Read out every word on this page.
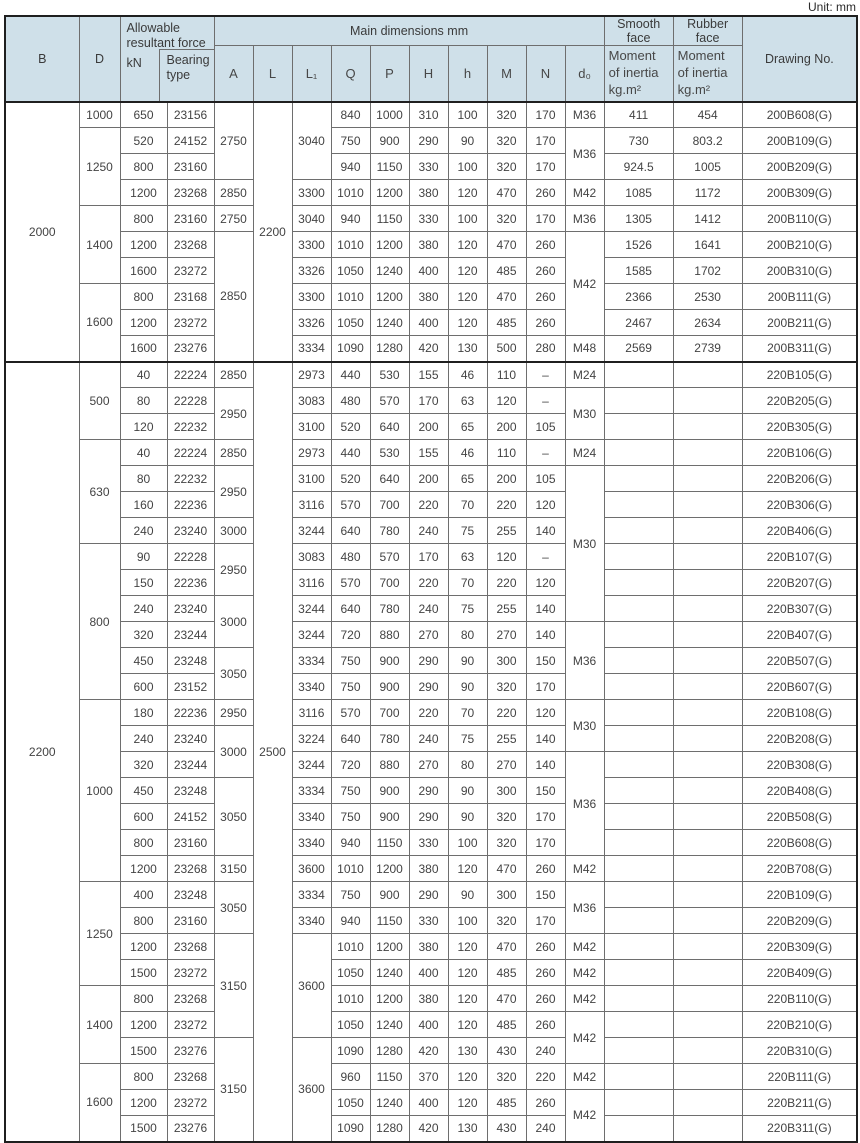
Unit: mm
B	D	Allowable resultant force
kN Bearing type		Main dimensions mm										Smooth face	Rubber face	Drawing No.
				A	L	L₁	Q	P	H	h	M	N	d₀	Moment of inertia kg.m²	Moment of inertia kg.m²	
2000	1000	650	23156	2750	2200	3040	840	1000	310	100	320	170	M36	411	454	200B608(G)
	1250	520	24152				750	900	290	90	320	170	M36	730	803.2	200B109(G)
		800	23160				940	1150	330	100	320	170		924.5	1005	200B209(G)
		1200	23268	2850		3300	1010	1200	380	120	470	260	M42	1085	1172	200B309(G)
	1400	800	23160	2750		3040	940	1150	330	100	320	170	M36	1305	1412	200B110(G)
		1200	23268	2850		3300	1010	1200	380	120	470	260	M42	1526	1641	200B210(G)
		1600	23272			3326	1050	1240	400	120	485	260		1585	1702	200B310(G)
	1600	800	23168			3300	1010	1200	380	120	470	260		2366	2530	200B111(G)
		1200	23272			3326	1050	1240	400	120	485	260		2467	2634	200B211(G)
		1600	23276			3334	1090	1280	420	130	500	280	M48	2569	2739	200B311(G)
2200	500	40	22224	2850	2500	2973	440	530	155	46	110	–	M24			220B105(G)
		80	22228	2950		3083	480	570	170	63	120	–	M30			220B205(G)
		120	22232			3100	520	640	200	65	200	105				220B305(G)
	630	40	22224	2850		2973	440	530	155	46	110	–	M24			220B106(G)
		80	22232	2950		3100	520	640	200	65	200	105	M30			220B206(G)
		160	22236			3116	570	700	220	70	220	120				220B306(G)
		240	23240	3000		3244	640	780	240	75	255	140				220B406(G)
	800	90	22228	2950		3083	480	570	170	63	120	–				220B107(G)
		150	22236			3116	570	700	220	70	220	120				220B207(G)
		240	23240	3000		3244	640	780	240	75	255	140				220B307(G)
		320	23244			3244	720	880	270	80	270	140	M36			220B407(G)
		450	23248	3050		3334	750	900	290	90	300	150				220B507(G)
		600	23152			3340	750	900	290	90	320	170				220B607(G)
	1000	180	22236	2950		3116	570	700	220	70	220	120	M30			220B108(G)
		240	23240	3000		3224	640	780	240	75	255	140				220B208(G)
		320	23244			3244	720	880	270	80	270	140	M36			220B308(G)
		450	23248	3050		3334	750	900	290	90	300	150				220B408(G)
		600	24152			3340	750	900	290	90	320	170				220B508(G)
		800	23160			3340	940	1150	330	100	320	170				220B608(G)
		1200	23268	3150		3600	1010	1200	380	120	470	260	M42			220B708(G)
	1250	400	23248	3050		3334	750	900	290	90	300	150	M36			220B109(G)
		800	23160			3340	940	1150	330	100	320	170				220B209(G)
		1200	23268	3150		3600	1010	1200	380	120	470	260	M42			220B309(G)
		1500	23272				1050	1240	400	120	485	260	M42			220B409(G)
	1400	800	23268				1010	1200	380	120	470	260	M42			220B110(G)
		1200	23272				1050	1240	400	120	485	260	M42			220B210(G)
		1500	23276	3150		3600	1090	1280	420	130	430	240				220B310(G)
	1600	800	23268				960	1150	370	120	320	220	M42			220B111(G)
		1200	23272				1050	1240	400	120	485	260	M42			220B211(G)
		1500	23276				1090	1280	420	130	430	240				220B311(G)
